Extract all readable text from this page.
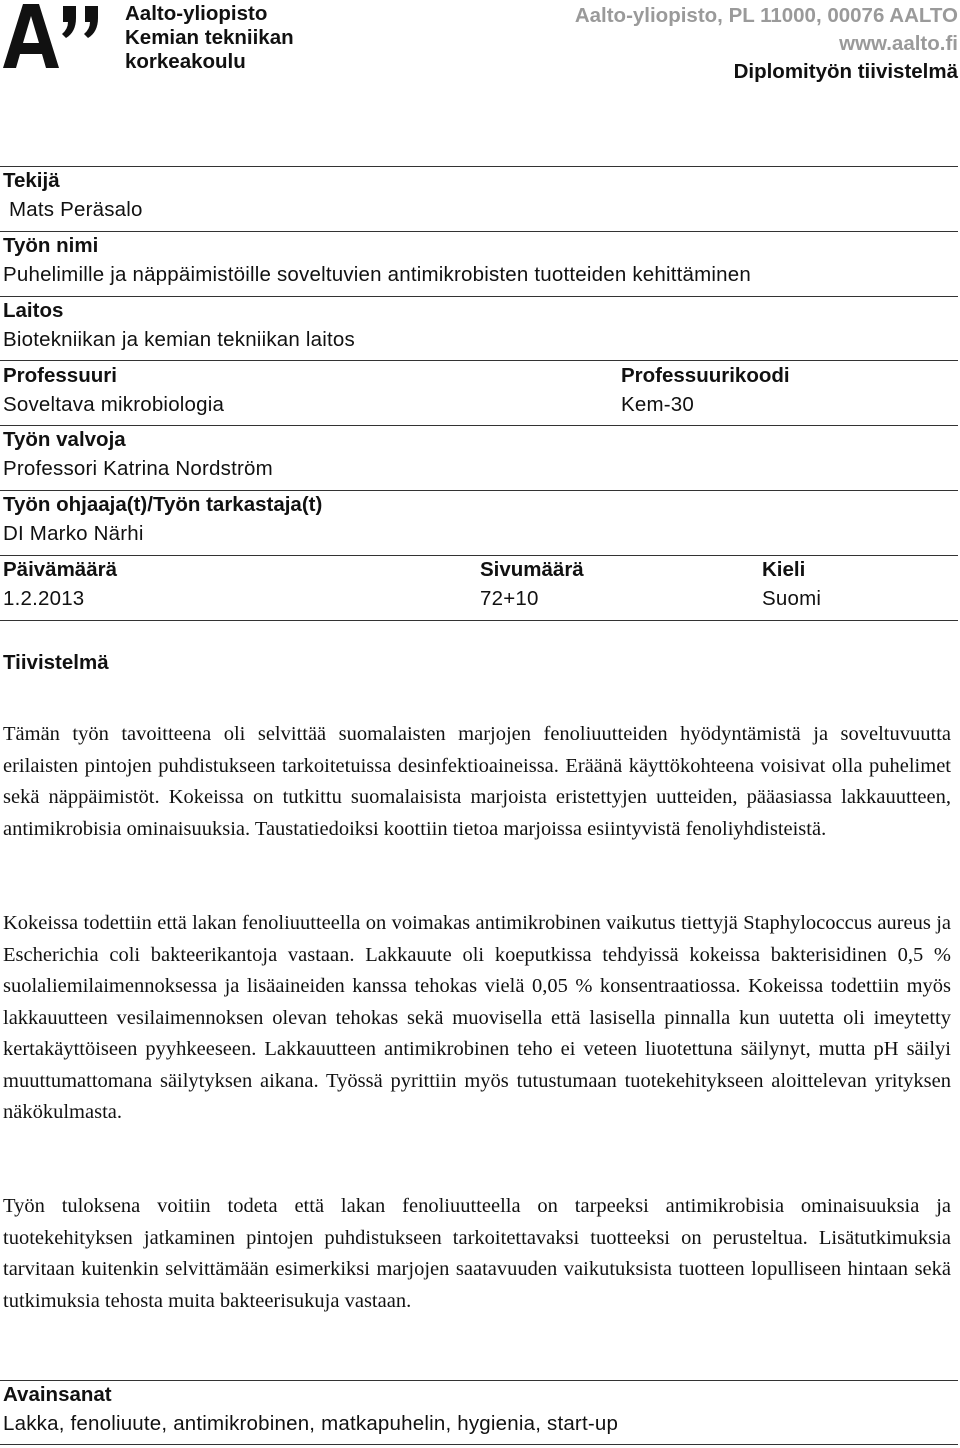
Aalto-yliopisto
Kemian tekniikan
korkeakoulu
Aalto-yliopisto, PL 11000, 00076 AALTO
www.aalto.fi
Diplomityön tiivistelmä
Tekijä
Mats Peräsalo
Työn nimi
Puhelimille ja näppäimistöille soveltuvien antimikrobisten tuotteiden kehittäminen
Laitos
Biotekniikan ja kemian tekniikan laitos
Professuuri
Soveltava mikrobiologia
Professuurikoodi
Kem-30
Työn valvoja
Professori Katrina Nordström
Työn ohjaaja(t)/Työn tarkastaja(t)
DI Marko Närhi
Päivämäärä
1.2.2013
Sivumäärä
72+10
Kieli
Suomi
Tiivistelmä

Tämän työn tavoitteena oli selvittää suomalaisten marjojen fenoliuutteiden hyödyntämistä ja soveltuvuutta erilaisten pintojen puhdistukseen tarkoitetuissa desinfektioaineissa. Eräänä käyttökohteena voisivat olla puhelimet sekä näppäimistöt. Kokeissa on tutkittu suomalaisista marjoista eristettyjen uutteiden, pääasiassa lakkauutteen, antimikrobisia ominaisuuksia. Taustatiedoiksi koottiin tietoa marjoissa esiintyvistä fenoliyhdisteistä.

Kokeissa todettiin että lakan fenoliuutteella on voimakas antimikrobinen vaikutus tiettyjä Staphylococcus aureus ja Escherichia coli bakteerikantoja vastaan. Lakkauute oli koeputkissa tehdyissä kokeissa bakterisidinen 0,5 % suolaliemilaimennoksessa ja lisäaineiden kanssa tehokas vielä 0,05 % konsentraatiossa. Kokeissa todettiin myös lakkauutteen vesilaimennoksen olevan tehokas sekä muovisella että lasisella pinnalla kun uutetta oli imeytetty kertakäyttöiseen pyyhkeeseen. Lakkauutteen antimikrobinen teho ei veteen liuotettuna säilynyt, mutta pH säilyi muuttumattomana säilytyksen aikana. Työssä pyrittiin myös tutustumaan tuotekehitykseen aloittelevan yrityksen näkökulmasta.

Työn tuloksena voitiin todeta että lakan fenoliuutteella on tarpeeksi antimikrobisia ominaisuuksia ja tuotekehityksen jatkaminen pintojen puhdistukseen tarkoitettavaksi tuotteeksi on perusteltua. Lisätutkimuksia tarvitaan kuitenkin selvittämään esimerkiksi marjojen saatavuuden vaikutuksista tuotteen lopulliseen hintaan sekä tutkimuksia tehosta muita bakteerisukuja vastaan.

Avainsanat
Lakka, fenoliuute, antimikrobinen, matkapuhelin, hygienia, start-up
